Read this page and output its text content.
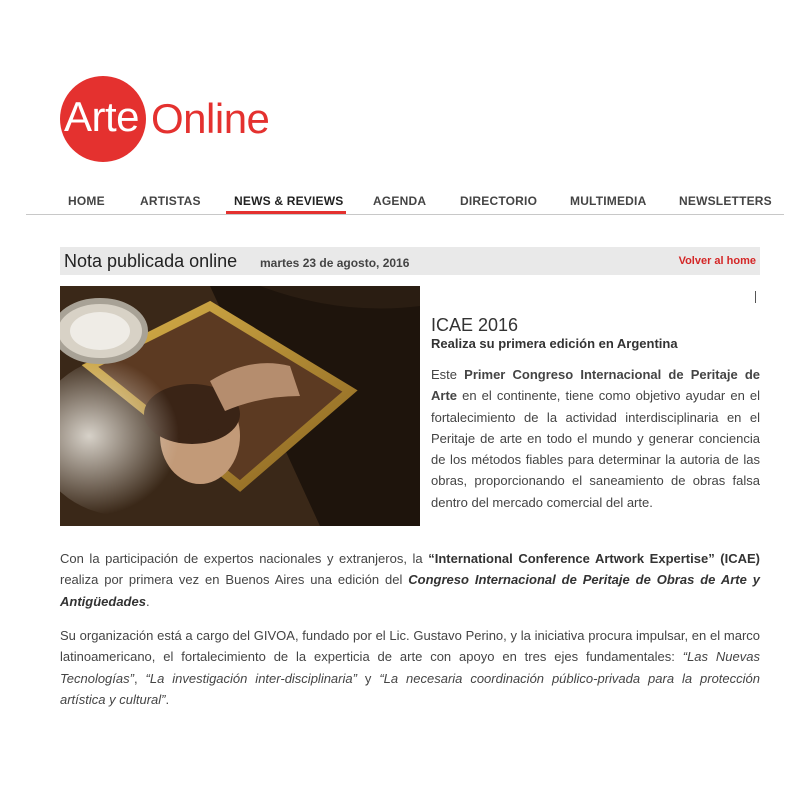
Arte Online
HOME	ARTISTAS	NEWS & REVIEWS AGENDA	DIRECTORIO	MULTIMEDIA	NEWSLETTERS
Nota publicada online martes 23 de agosto, 2016	Volver al home
ICAE 2016
Realiza su primera edición en Argentina

Este Primer Congreso Internacional de Peritaje de Arte en el continente, tiene como objetivo ayudar en el fortalecimiento de la actividad interdisciplinaria en el Peritaje de arte en todo el mundo y generar conciencia de los métodos fiables para determinar la autoria de las obras, proporcionando el saneamiento de obras falsa dentro del mercado comercial del arte.

Con la participación de expertos nacionales y extranjeros, la “International Conference Artwork Expertise” (ICAE) realiza por primera vez en Buenos Aires una edición del Congreso Internacional de Peritaje de Obras de Arte y Antigüedades.

Su organización está a cargo del GIVOA, fundado por el Lic. Gustavo Perino, y la iniciativa procura impulsar, en el marco latinoamericano, el fortalecimiento de la experticia de arte con apoyo en tres ejes fundamentales: “Las Nuevas Tecnologías”, “La investigación inter-disciplinaria” y “La necesaria coordinación público-privada para la protección artística y cultural”.
